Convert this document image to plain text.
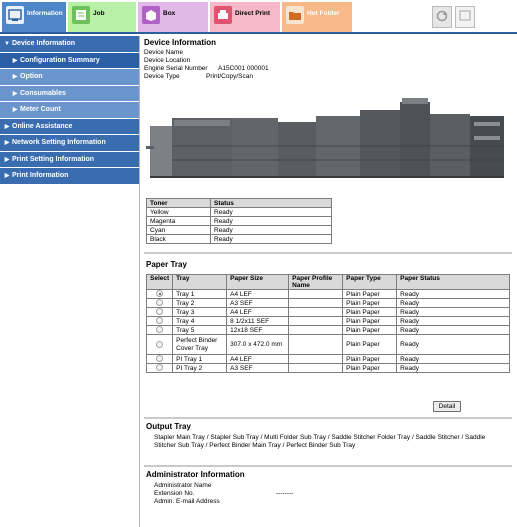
Information	Job	Box	Direct Print	Hot Folder
▼ Device Information
▶ Configuration Summary
▶ Option
▶ Consumables
▶ Meter Count
▶ Online Assistance
▶ Network Setting Information
▶ Print Setting Information
▶ Print Information
Device Information
Device Name
Device Location
Engine Serial Number	A15C001 000001
Device Type	Print/Copy/Scan
Toner	Status
Yellow	Ready
Magenta	Ready
Cyan	Ready
Black	Ready
Paper Tray
Select	Tray	Paper Size	Paper Profile Name	Paper Type	Paper Status
	Tray 1	A4 LEF		Plain Paper	Ready
	Tray 2	A3 SEF		Plain Paper	Ready
	Tray 3	A4 LEF		Plain Paper	Ready
	Tray 4	8 1/2x11 SEF		Plain Paper	Ready
	Tray 5	12x18 SEF		Plain Paper	Ready
	Perfect Binder Cover Tray	307.0 x 472.0 mm		Plain Paper	Ready
	PI Tray 1	A4 LEF		Plain Paper	Ready
	PI Tray 2	A3 SEF		Plain Paper	Ready
Detail
Output Tray
Stapler Main Tray / Stapler Sub Tray / Multi Folder Sub Tray / Saddle Stitcher Folder Tray / Saddle Stitcher / Saddle Stitcher Sub Tray / Perfect Binder Main Tray / Perfect Binder Sub Tray
Administrator Information
Administrator Name
Extension No.	--------
Admin. E-mail Address
